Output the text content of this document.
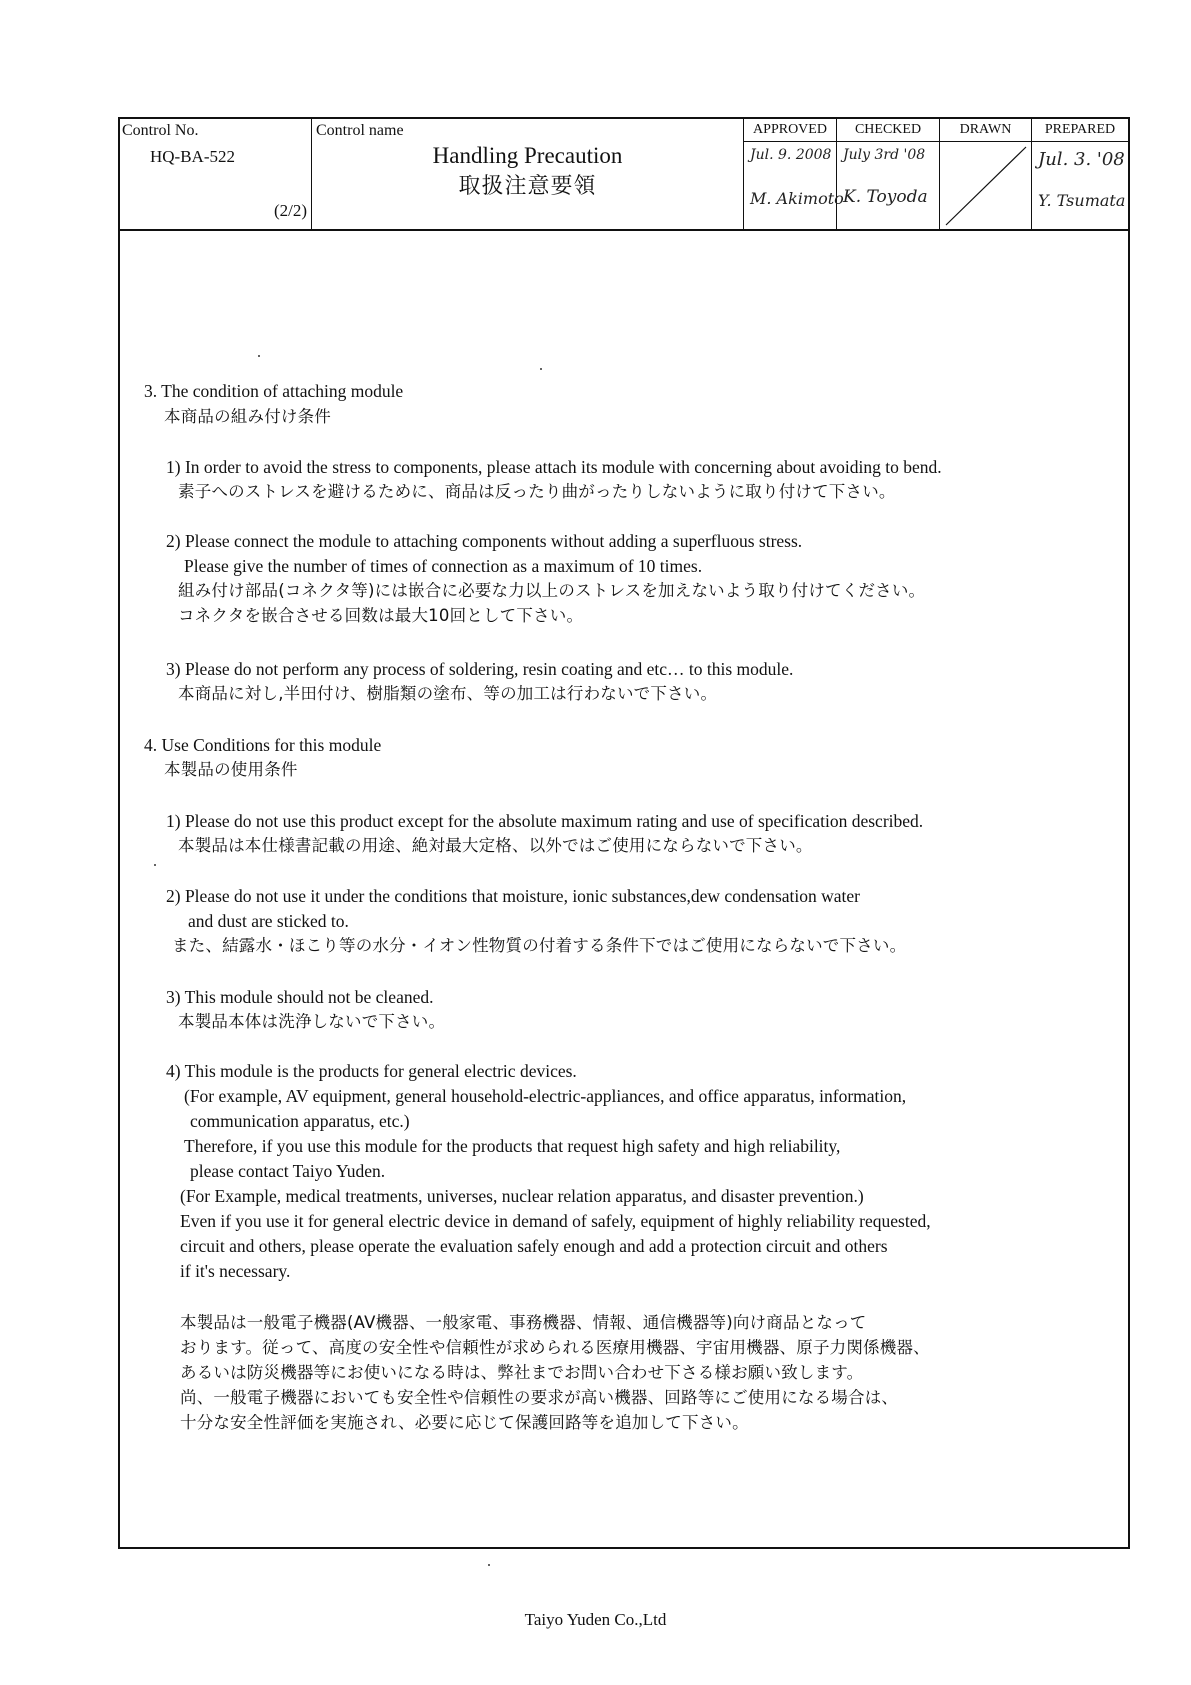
Control No.
HQ-BA-522
(2/2)
Control name
Handling Precaution
取扱注意要領
APPROVED
Jul. 9. 2008
M. Akimoto
CHECKED
July 3rd '08
K. Toyoda
DRAWN	PREPARED
Jul. 3. '08
Y. Tsumata
3. The condition of attaching module
本商品の組み付け条件
1) In order to avoid the stress to components, please attach its module with concerning about avoiding to bend.
素子へのストレスを避けるために、商品は反ったり曲がったりしないように取り付けて下さい。
2) Please connect the module to attaching components without adding a superfluous stress.
Please give the number of times of connection as a maximum of 10 times.
組み付け部品(コネクタ等)には嵌合に必要な力以上のストレスを加えないよう取り付けてください。
コネクタを嵌合させる回数は最大10回として下さい。
3) Please do not perform any process of soldering, resin coating and etc… to this module.
本商品に対し,半田付け、樹脂類の塗布、等の加工は行わないで下さい。
4. Use Conditions for this module
本製品の使用条件
1) Please do not use this product except for the absolute maximum rating and use of specification described.
本製品は本仕様書記載の用途、絶対最大定格、以外ではご使用にならないで下さい。
2) Please do not use it under the conditions that moisture, ionic substances,dew condensation water
and dust are sticked to.
また、結露水・ほこり等の水分・イオン性物質の付着する条件下ではご使用にならないで下さい。
3) This module should not be cleaned.
本製品本体は洗浄しないで下さい。
4) This module is the products for general electric devices.
(For example, AV equipment, general household-electric-appliances, and office apparatus, information,
communication apparatus, etc.)
Therefore, if you use this module for the products that request high safety and high reliability,
please contact Taiyo Yuden.
(For Example, medical treatments, universes, nuclear relation apparatus, and disaster prevention.)
Even if you use it for general electric device in demand of safely, equipment of highly reliability requested,
circuit and others, please operate the evaluation safely enough and add a protection circuit and others
if it's necessary.
本製品は一般電子機器(AV機器、一般家電、事務機器、情報、通信機器等)向け商品となって
おります。従って、高度の安全性や信頼性が求められる医療用機器、宇宙用機器、原子力関係機器、
あるいは防災機器等にお使いになる時は、弊社までお問い合わせ下さる様お願い致します。
尚、一般電子機器においても安全性や信頼性の要求が高い機器、回路等にご使用になる場合は、
十分な安全性評価を実施され、必要に応じて保護回路等を追加して下さい。
Taiyo Yuden Co.,Ltd
